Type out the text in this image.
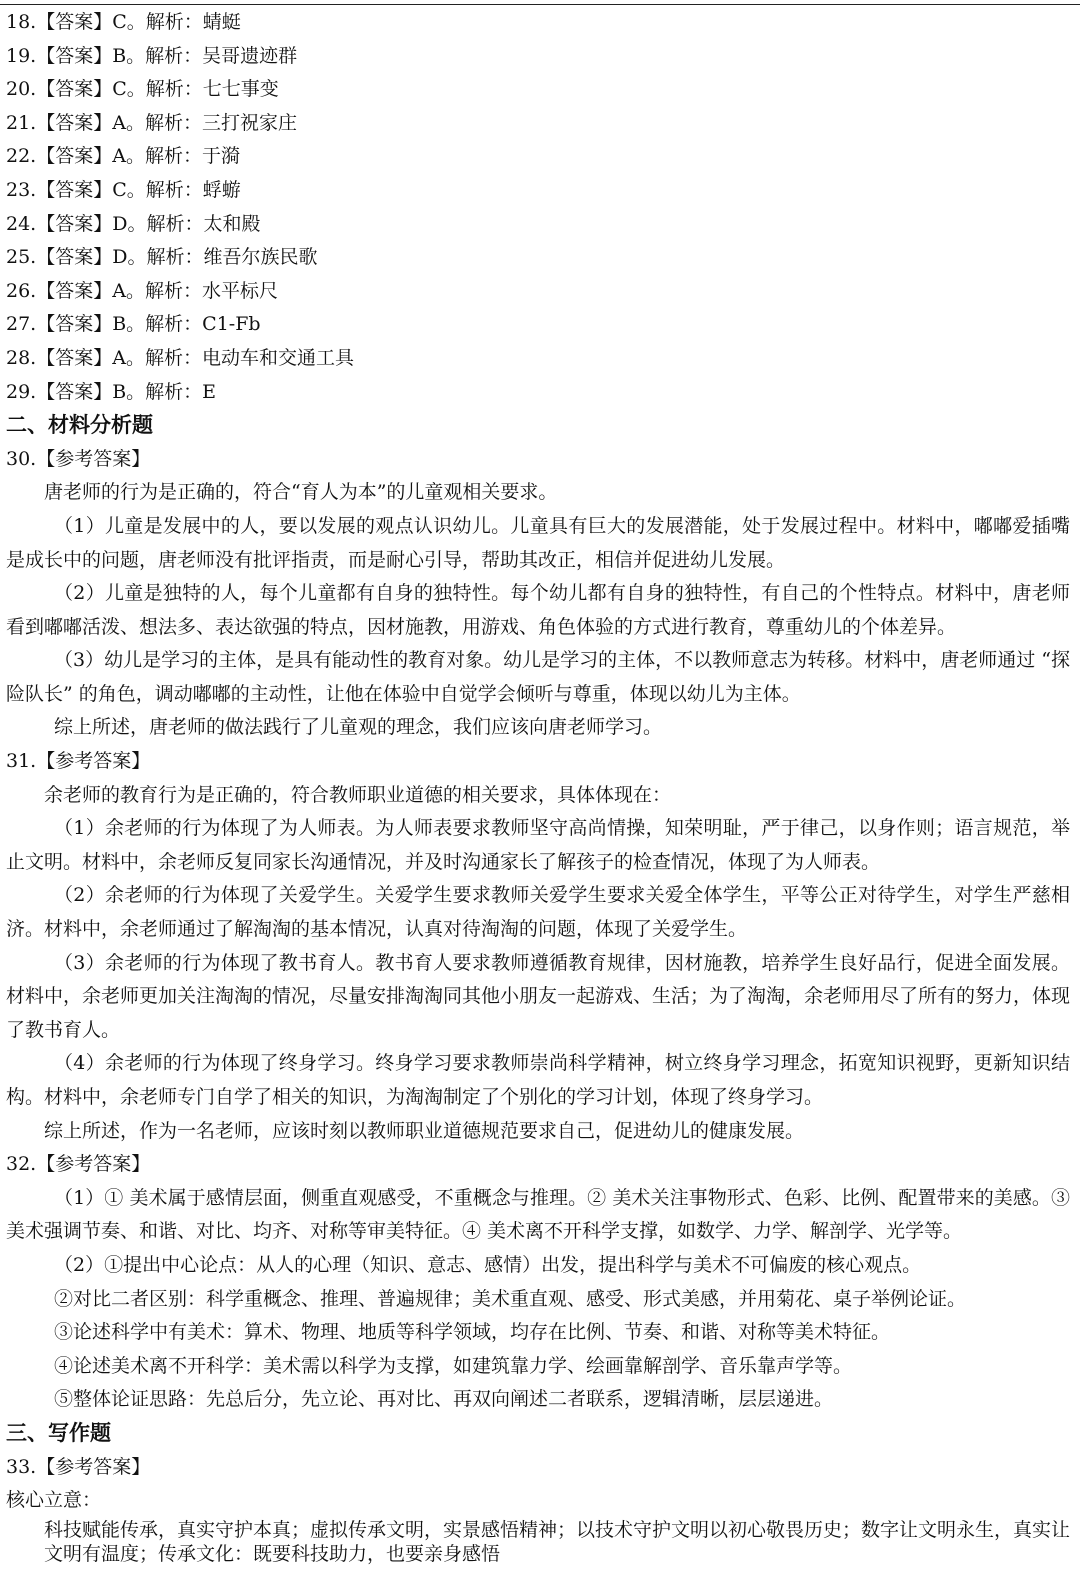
18.【答案】C。解析：蜻蜓
19.【答案】B。解析：吴哥遗迹群
20.【答案】C。解析：七七事变
21.【答案】A。解析：三打祝家庄
22.【答案】A。解析：于漪
23.【答案】C。解析：蜉蝣
24.【答案】D。解析：太和殿
25.【答案】D。解析：维吾尔族民歌
26.【答案】A。解析：水平标尺
27.【答案】B。解析：C1-Fb
28.【答案】A。解析：电动车和交通工具
29.【答案】B。解析：E
二、材料分析题
30.【参考答案】
唐老师的行为是正确的，符合“育人为本”的儿童观相关要求。
（1）儿童是发展中的人，要以发展的观点认识幼儿。儿童具有巨大的发展潜能，处于发展过程中。材料中，嘟嘟爱插嘴是成长中的问题，唐老师没有批评指责，而是耐心引导，帮助其改正，相信并促进幼儿发展。
（2）儿童是独特的人，每个儿童都有自身的独特性。每个幼儿都有自身的独特性，有自己的个性特点。材料中，唐老师看到嘟嘟活泼、想法多、表达欲强的特点，因材施教，用游戏、角色体验的方式进行教育，尊重幼儿的个体差异。
（3）幼儿是学习的主体，是具有能动性的教育对象。幼儿是学习的主体，不以教师意志为转移。材料中，唐老师通过 “探险队长” 的角色，调动嘟嘟的主动性，让他在体验中自觉学会倾听与尊重，体现以幼儿为主体。
综上所述，唐老师的做法践行了儿童观的理念，我们应该向唐老师学习。
31.【参考答案】
余老师的教育行为是正确的，符合教师职业道德的相关要求，具体体现在：
（1）余老师的行为体现了为人师表。为人师表要求教师坚守高尚情操，知荣明耻，严于律己，以身作则；语言规范，举止文明。材料中，余老师反复同家长沟通情况，并及时沟通家长了解孩子的检查情况，体现了为人师表。
（2）余老师的行为体现了关爱学生。关爱学生要求教师关爱学生要求关爱全体学生，平等公正对待学生，对学生严慈相济。材料中，余老师通过了解淘淘的基本情况，认真对待淘淘的问题，体现了关爱学生。
（3）余老师的行为体现了教书育人。教书育人要求教师遵循教育规律，因材施教，培养学生良好品行，促进全面发展。材料中，余老师更加关注淘淘的情况，尽量安排淘淘同其他小朋友一起游戏、生活；为了淘淘，余老师用尽了所有的努力，体现了教书育人。
（4）余老师的行为体现了终身学习。终身学习要求教师崇尚科学精神，树立终身学习理念，拓宽知识视野，更新知识结构。材料中，余老师专门自学了相关的知识，为淘淘制定了个别化的学习计划，体现了终身学习。
综上所述，作为一名老师，应该时刻以教师职业道德规范要求自己，促进幼儿的健康发展。
32.【参考答案】
（1）① 美术属于感情层面，侧重直观感受，不重概念与推理。② 美术关注事物形式、色彩、比例、配置带来的美感。③ 美术强调节奏、和谐、对比、均齐、对称等审美特征。④ 美术离不开科学支撑，如数学、力学、解剖学、光学等。
（2）①提出中心论点：从人的心理（知识、意志、感情）出发，提出科学与美术不可偏废的核心观点。
②对比二者区别：科学重概念、推理、普遍规律；美术重直观、感受、形式美感，并用菊花、桌子举例论证。
③论述科学中有美术：算术、物理、地质等科学领域，均存在比例、节奏、和谐、对称等美术特征。
④论述美术离不开科学：美术需以科学为支撑，如建筑靠力学、绘画靠解剖学、音乐靠声学等。
⑤整体论证思路：先总后分，先立论、再对比、再双向阐述二者联系，逻辑清晰，层层递进。
三、写作题
33.【参考答案】
核心立意：
科技赋能传承，真实守护本真；虚拟传承文明，实景感悟精神；以技术守护文明以初心敬畏历史；数字让文明永生，真实让文明有温度；传承文化：既要科技助力，也要亲身感悟
